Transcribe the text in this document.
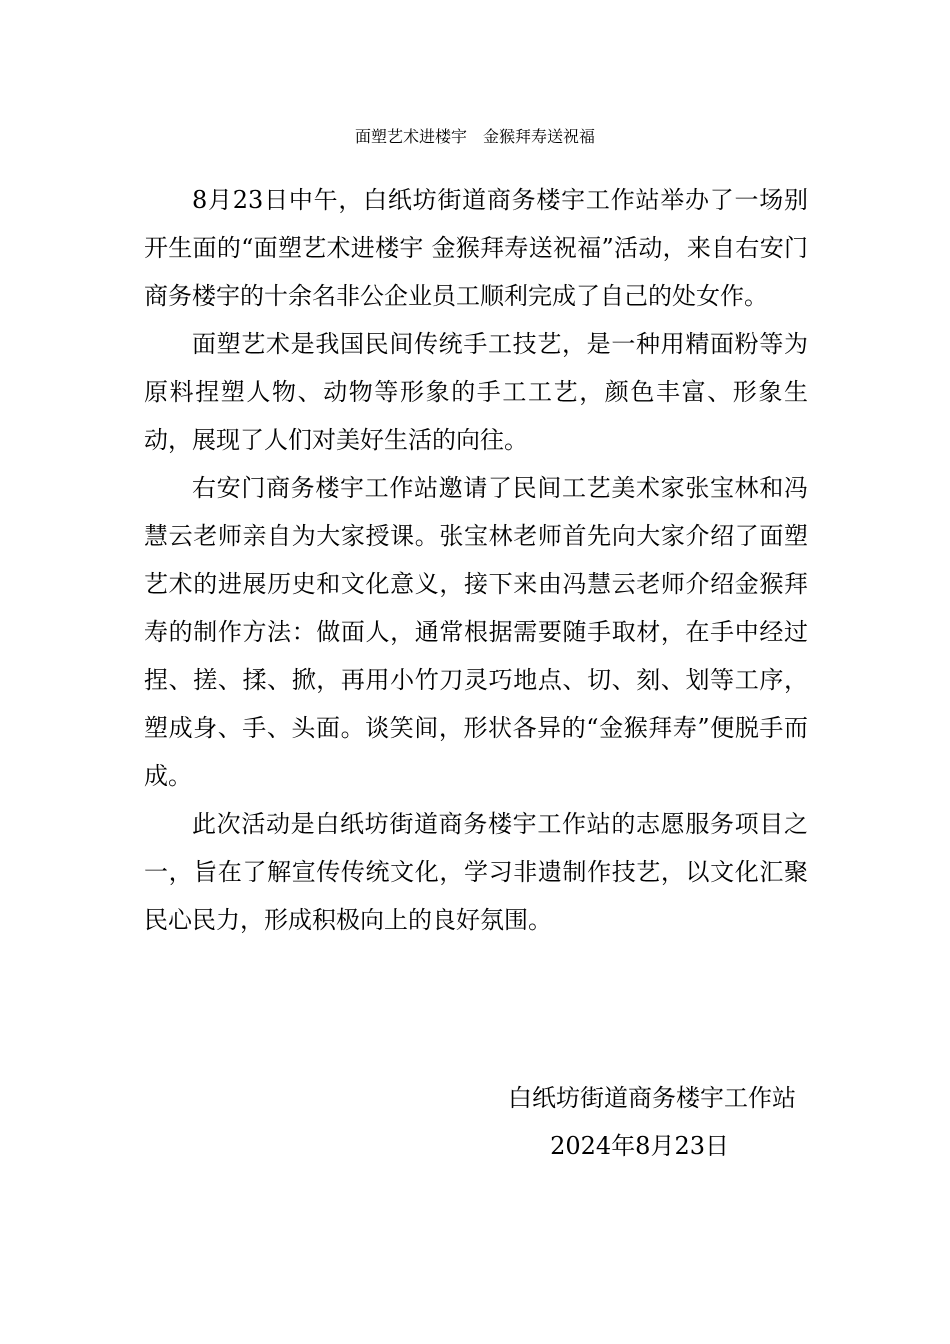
面塑艺术进楼宇　金猴拜寿送祝福

8月23日中午，白纸坊街道商务楼宇工作站举办了一场别开生面的“面塑艺术进楼宇 金猴拜寿送祝福”活动，来自右安门商务楼宇的十余名非公企业员工顺利完成了自己的处女作。

面塑艺术是我国民间传统手工技艺，是一种用精面粉等为原料捏塑人物、动物等形象的手工工艺，颜色丰富、形象生动，展现了人们对美好生活的向往。

右安门商务楼宇工作站邀请了民间工艺美术家张宝林和冯慧云老师亲自为大家授课。张宝林老师首先向大家介绍了面塑艺术的进展历史和文化意义，接下来由冯慧云老师介绍金猴拜寿的制作方法：做面人，通常根据需要随手取材，在手中经过捏、搓、揉、掀，再用小竹刀灵巧地点、切、刻、划等工序，塑成身、手、头面。谈笑间，形状各异的“金猴拜寿”便脱手而成。

此次活动是白纸坊街道商务楼宇工作站的志愿服务项目之一，旨在了解宣传传统文化，学习非遗制作技艺，以文化汇聚民心民力，形成积极向上的良好氛围。

白纸坊街道商务楼宇工作站
2024年8月23日
